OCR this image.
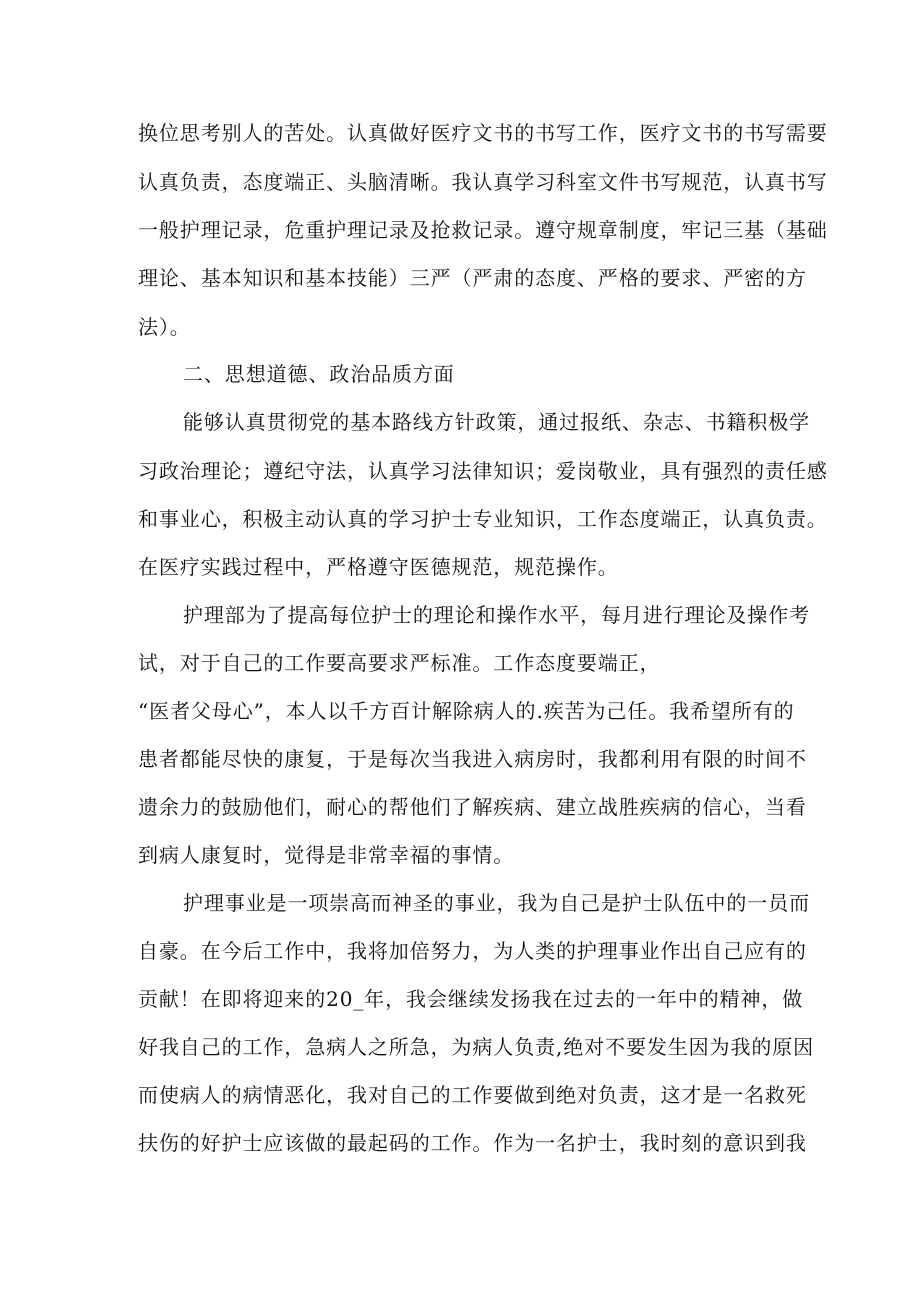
换位思考别人的苦处。认真做好医疗文书的书写工作，医疗文书的书写需要
认真负责，态度端正、头脑清晰。我认真学习科室文件书写规范，认真书写
一般护理记录，危重护理记录及抢救记录。遵守规章制度，牢记三基（基础
理论、基本知识和基本技能）三严（严肃的态度、严格的要求、严密的方
法）。
二、思想道德、政治品质方面
能够认真贯彻党的基本路线方针政策，通过报纸、杂志、书籍积极学
习政治理论；遵纪守法，认真学习法律知识；爱岗敬业，具有强烈的责任感
和事业心，积极主动认真的学习护士专业知识，工作态度端正，认真负责。
在医疗实践过程中，严格遵守医德规范，规范操作。
护理部为了提高每位护士的理论和操作水平，每月进行理论及操作考
试，对于自己的工作要高要求严标准。工作态度要端正，
“医者父母心”，本人以千方百计解除病人的.疾苦为己任。我希望所有的
患者都能尽快的康复，于是每次当我进入病房时，我都利用有限的时间不
遗余力的鼓励他们，耐心的帮他们了解疾病、建立战胜疾病的信心，当看
到病人康复时，觉得是非常幸福的事情。
护理事业是一项崇高而神圣的事业，我为自己是护士队伍中的一员而
自豪。在今后工作中，我将加倍努力，为人类的护理事业作出自己应有的
贡献！在即将迎来的20_年，我会继续发扬我在过去的一年中的精神，做
好我自己的工作，急病人之所急，为病人负责,绝对不要发生因为我的原因
而使病人的病情恶化，我对自己的工作要做到绝对负责，这才是一名救死
扶伤的好护士应该做的最起码的工作。作为一名护士，我时刻的意识到我
